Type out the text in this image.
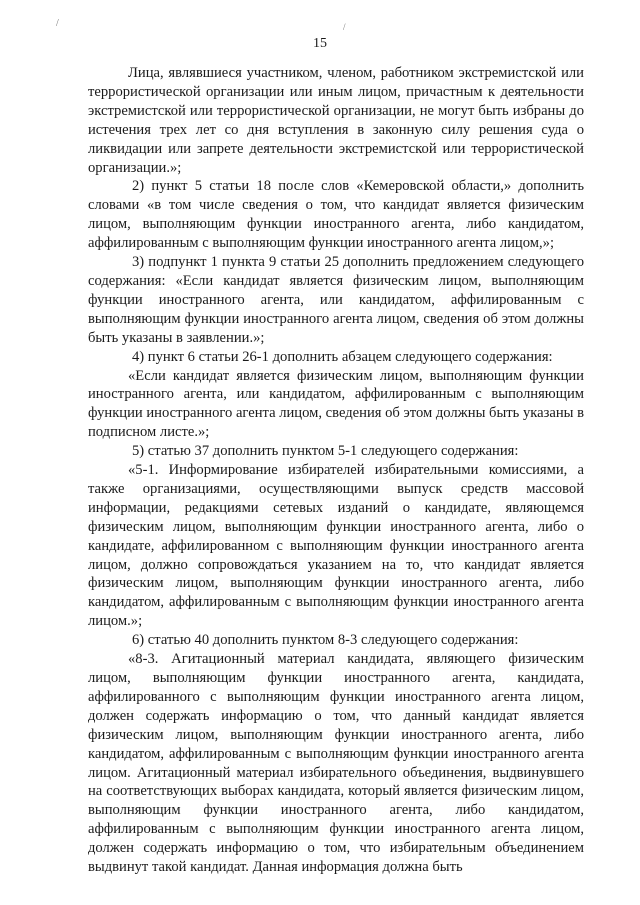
/	/
15

Лица, являвшиеся участником, членом, работником экстремистской или террористической организации или иным лицом, причастным к деятельности экстремистской или террористической организации, не могут быть избраны до истечения трех лет со дня вступления в законную силу решения суда о ликвидации или запрете деятельности экстремистской или террористической организации.»;

2) пункт 5 статьи 18 после слов «Кемеровской области,» дополнить словами «в том числе сведения о том, что кандидат является физическим лицом, выполняющим функции иностранного агента, либо кандидатом, аффилированным с выполняющим функции иностранного агента лицом,»;

3) подпункт 1 пункта 9 статьи 25 дополнить предложением следующего содержания: «Если кандидат является физическим лицом, выполняющим функции иностранного агента, или кандидатом, аффилированным с выполняющим функции иностранного агента лицом, сведения об этом должны быть указаны в заявлении.»;

4) пункт 6 статьи 26-1 дополнить абзацем следующего содержания:

«Если кандидат является физическим лицом, выполняющим функции иностранного агента, или кандидатом, аффилированным с выполняющим функции иностранного агента лицом, сведения об этом должны быть указаны в подписном листе.»;

5) статью 37 дополнить пунктом 5-1 следующего содержания:

«5-1. Информирование избирателей избирательными комиссиями, а также организациями, осуществляющими выпуск средств массовой информации, редакциями сетевых изданий о кандидате, являющемся физическим лицом, выполняющим функции иностранного агента, либо о кандидате, аффилированном с выполняющим функции иностранного агента лицом, должно сопровождаться указанием на то, что кандидат является физическим лицом, выполняющим функции иностранного агента, либо кандидатом, аффилированным с выполняющим функции иностранного агента лицом.»;

6) статью 40 дополнить пунктом 8-3 следующего содержания:

«8-3. Агитационный материал кандидата, являющего физическим лицом, выполняющим функции иностранного агента, кандидата, аффилированного с выполняющим функции иностранного агента лицом, должен содержать информацию о том, что данный кандидат является физическим лицом, выполняющим функции иностранного агента, либо кандидатом, аффилированным с выполняющим функции иностранного агента лицом. Агитационный материал избирательного объединения, выдвинувшего на соответствующих выборах кандидата, который является физическим лицом, выполняющим функции иностранного агента, либо кандидатом, аффилированным с выполняющим функции иностранного агента лицом, должен содержать информацию о том, что избирательным объединением выдвинут такой кандидат. Данная информация должна быть
